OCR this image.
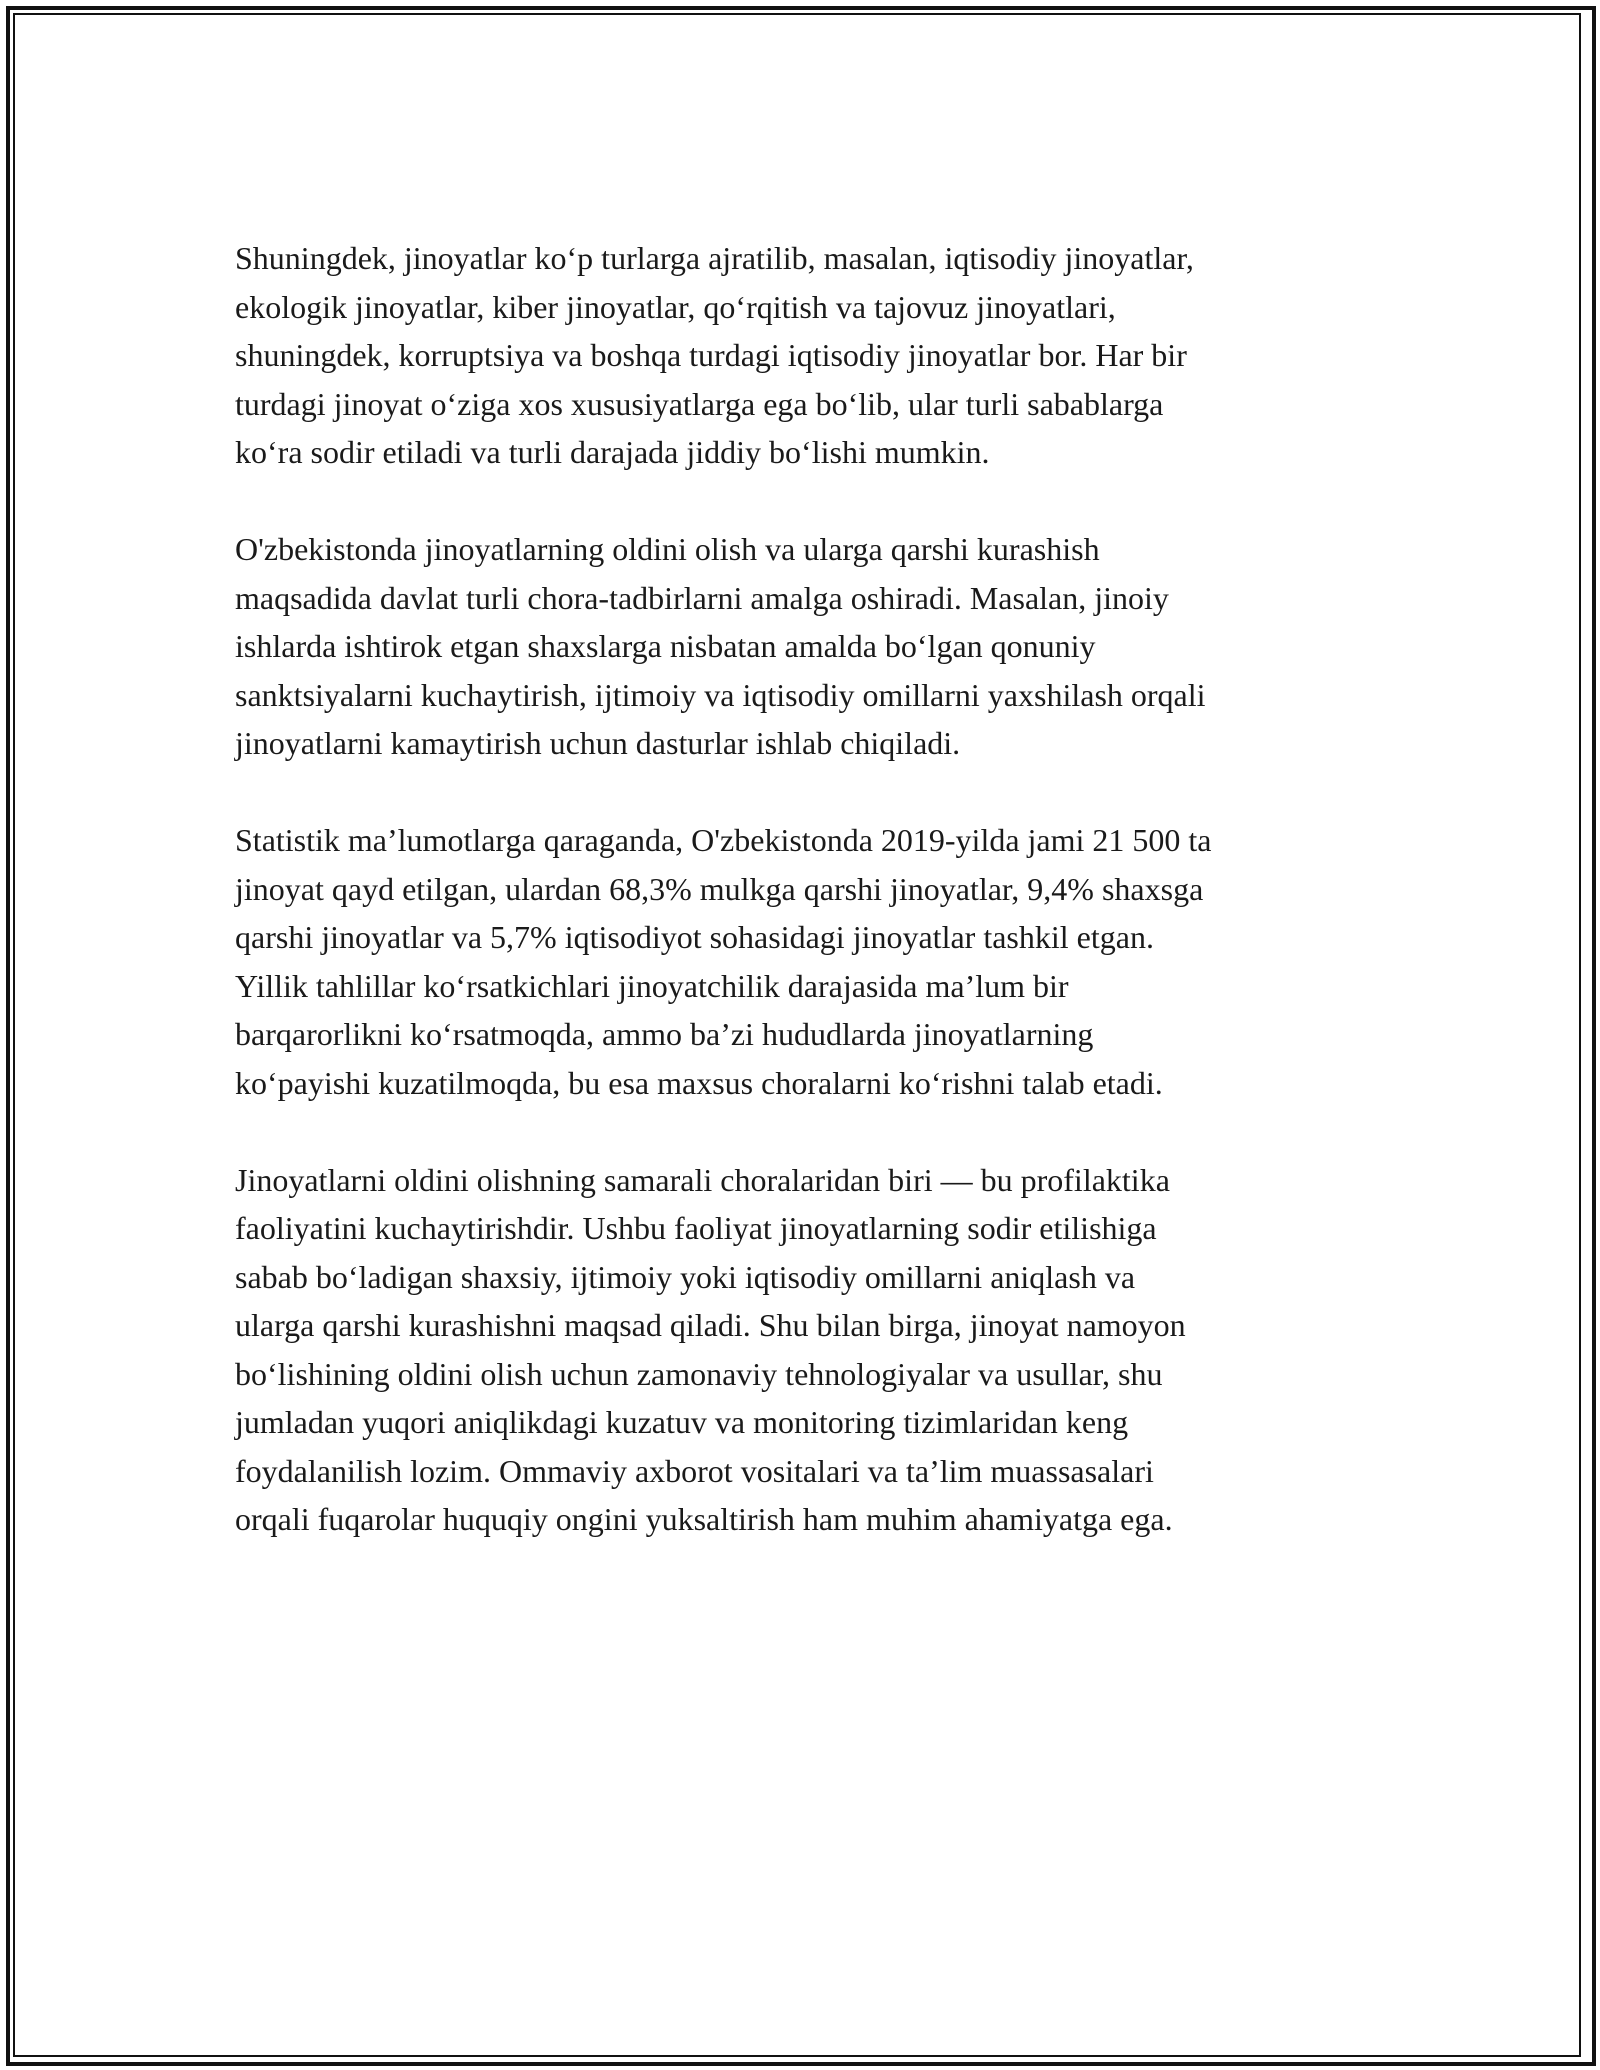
Shuningdek, jinoyatlar ko‘p turlarga ajratilib, masalan, iqtisodiy jinoyatlar,
ekologik jinoyatlar, kiber jinoyatlar, qo‘rqitish va tajovuz jinoyatlari,
shuningdek, korruptsiya va boshqa turdagi iqtisodiy jinoyatlar bor. Har bir
turdagi jinoyat o‘ziga xos xususiyatlarga ega bo‘lib, ular turli sabablarga
ko‘ra sodir etiladi va turli darajada jiddiy bo‘lishi mumkin.

O'zbekistonda jinoyatlarning oldini olish va ularga qarshi kurashish
maqsadida davlat turli chora-tadbirlarni amalga oshiradi. Masalan, jinoiy
ishlarda ishtirok etgan shaxslarga nisbatan amalda bo‘lgan qonuniy
sanktsiyalarni kuchaytirish, ijtimoiy va iqtisodiy omillarni yaxshilash orqali
jinoyatlarni kamaytirish uchun dasturlar ishlab chiqiladi.

Statistik ma’lumotlarga qaraganda, O'zbekistonda 2019-yilda jami 21 500 ta
jinoyat qayd etilgan, ulardan 68,3% mulkga qarshi jinoyatlar, 9,4% shaxsga
qarshi jinoyatlar va 5,7% iqtisodiyot sohasidagi jinoyatlar tashkil etgan.
Yillik tahlillar ko‘rsatkichlari jinoyatchilik darajasida ma’lum bir
barqarorlikni ko‘rsatmoqda, ammo ba’zi hududlarda jinoyatlarning
ko‘payishi kuzatilmoqda, bu esa maxsus choralarni ko‘rishni talab etadi.

Jinoyatlarni oldini olishning samarali choralaridan biri — bu profilaktika
faoliyatini kuchaytirishdir. Ushbu faoliyat jinoyatlarning sodir etilishiga
sabab bo‘ladigan shaxsiy, ijtimoiy yoki iqtisodiy omillarni aniqlash va
ularga qarshi kurashishni maqsad qiladi. Shu bilan birga, jinoyat namoyon
bo‘lishining oldini olish uchun zamonaviy tehnologiyalar va usullar, shu
jumladan yuqori aniqlikdagi kuzatuv va monitoring tizimlaridan keng
foydalanilish lozim. Ommaviy axborot vositalari va ta’lim muassasalari
orqali fuqarolar huquqiy ongini yuksaltirish ham muhim ahamiyatga ega.
